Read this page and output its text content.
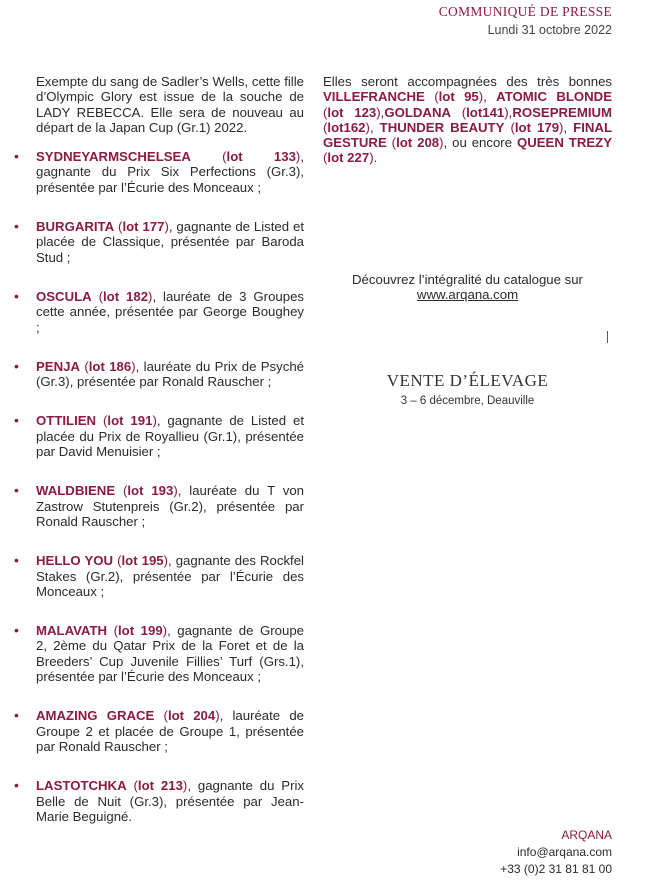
COMMUNIQUÉ DE PRESSE
Lundi 31 octobre 2022

Exempte du sang de Sadler’s Wells, cette fille d’Olympic Glory est issue de la souche de LADY REBECCA. Elle sera de nouveau au départ de la Japan Cup (Gr.1) 2022.

• SYDNEYARMSCHELSEA (lot 133), gagnante du Prix Six Perfections (Gr.3), présentée par l’Écurie des Monceaux ;
• BURGARITA (lot 177), gagnante de Listed et placée de Classique, présentée par Baroda Stud ;
• OSCULA (lot 182), lauréate de 3 Groupes cette année, présentée par George Boughey ;
• PENJA (lot 186), lauréate du Prix de Psyché (Gr.3), présentée par Ronald Rauscher ;
• OTTILIEN (lot 191), gagnante de Listed et placée du Prix de Royallieu (Gr.1), présentée par David Menuisier ;
• WALDBIENE (lot 193), lauréate du T von Zastrow Stutenpreis (Gr.2), présentée par Ronald Rauscher ;
• HELLO YOU (lot 195), gagnante des Rockfel Stakes (Gr.2), présentée par l’Écurie des Monceaux ;
• MALAVATH (lot 199), gagnante de Groupe 2, 2ème du Qatar Prix de la Foret et de la Breeders’ Cup Juvenile Fillies’ Turf (Grs.1), présentée par l’Écurie des Monceaux ;
• AMAZING GRACE (lot 204), lauréate de Groupe 2 et placée de Groupe 1, présentée par Ronald Rauscher ;
• LASTOTCHKA (lot 213), gagnante du Prix Belle de Nuit (Gr.3), présentée par Jean-Marie Beguigné.

Elles seront accompagnées des très bonnes VILLEFRANCHE (lot 95), ATOMIC BLONDE (lot 123),GOLDANA (lot141),ROSEPREMIUM (lot162), THUNDER BEAUTY (lot 179), FINAL GESTURE (lot 208), ou encore QUEEN TREZY (lot 227).

Découvrez l’intégralité du catalogue sur
www.arqana.com
VENTE D’ÉLEVAGE
3 – 6 décembre, Deauville
ARQANA
info@arqana.com
+33 (0)2 31 81 81 00
